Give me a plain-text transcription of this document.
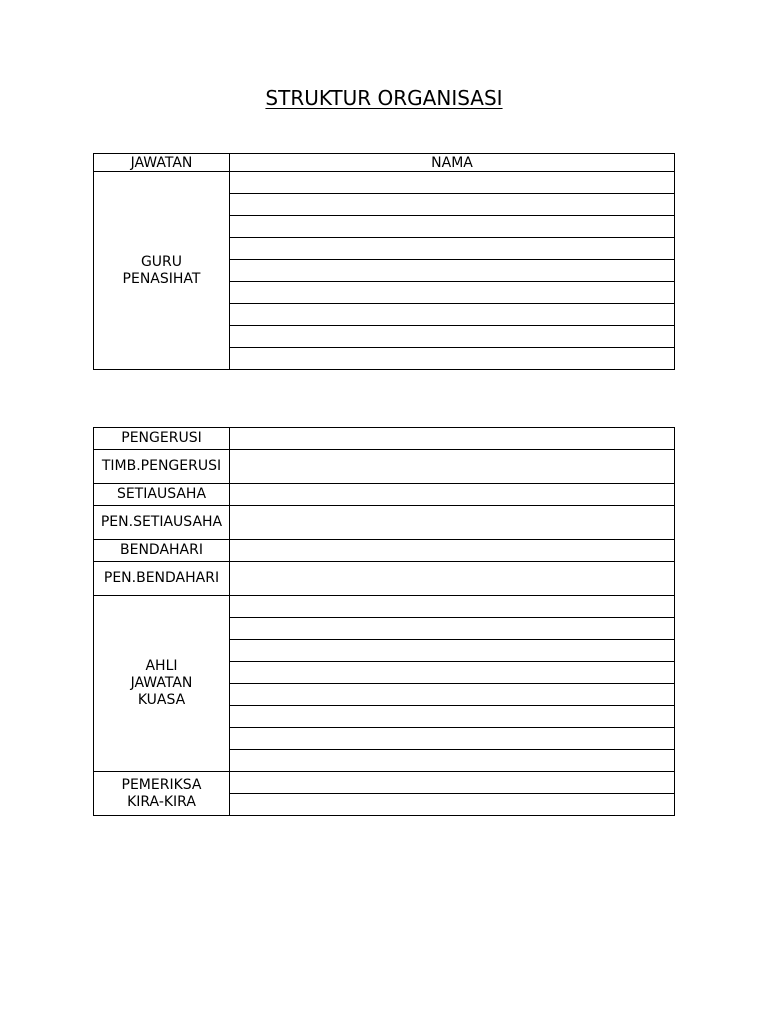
STRUKTUR ORGANISASI
JAWATAN	NAMA
GURU PENASIHAT	

PENGERUSI	
TIMB.PENGERUSI	
SETIAUSAHA	
PEN.SETIAUSAHA	
BENDAHARI	
PEN.BENDAHARI	
AHLI JAWATAN KUASA	

PEMERIKSA KIRA-KIRA	
